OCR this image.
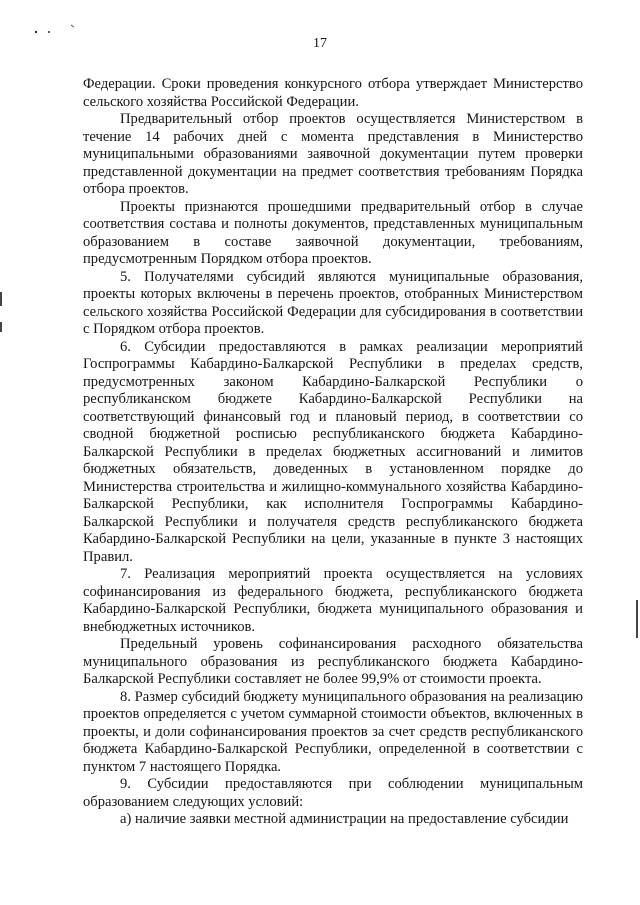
17

Федерации. Сроки проведения конкурсного отбора утверждает Министерство сельского хозяйства Российской Федерации.

Предварительный отбор проектов осуществляется Министерством в течение 14 рабочих дней с момента представления в Министерство муниципальными образованиями заявочной документации путем проверки представленной документации на предмет соответствия требованиям Порядка отбора проектов.

Проекты признаются прошедшими предварительный отбор в случае соответствия состава и полноты документов, представленных муниципальным образованием в составе заявочной документации, требованиям, предусмотренным Порядком отбора проектов.

5. Получателями субсидий являются муниципальные образования, проекты которых включены в перечень проектов, отобранных Министерством сельского хозяйства Российской Федерации для субсидирования в соответствии с Порядком отбора проектов.

6. Субсидии предоставляются в рамках реализации мероприятий Госпрограммы Кабардино-Балкарской Республики в пределах средств, предусмотренных законом Кабардино-Балкарской Республики о республиканском бюджете Кабардино-Балкарской Республики на соответствующий финансовый год и плановый период, в соответствии со сводной бюджетной росписью республиканского бюджета Кабардино-Балкарской Республики в пределах бюджетных ассигнований и лимитов бюджетных обязательств, доведенных в установленном порядке до Министерства строительства и жилищно-коммунального хозяйства Кабардино-Балкарской Республики, как исполнителя Госпрограммы Кабардино-Балкарской Республики и получателя средств республиканского бюджета Кабардино-Балкарской Республики на цели, указанные в пункте 3 настоящих Правил.

7. Реализация мероприятий проекта осуществляется на условиях софинансирования из федерального бюджета, республиканского бюджета Кабардино-Балкарской Республики, бюджета муниципального образования и внебюджетных источников.

Предельный уровень софинансирования расходного обязательства муниципального образования из республиканского бюджета Кабардино-Балкарской Республики составляет не более 99,9% от стоимости проекта.

8. Размер субсидий бюджету муниципального образования на реализацию проектов определяется с учетом суммарной стоимости объектов, включенных в проекты, и доли софинансирования проектов за счет средств республиканского бюджета Кабардино-Балкарской Республики, определенной в соответствии с пунктом 7 настоящего Порядка.

9. Субсидии предоставляются при соблюдении муниципальным образованием следующих условий:

а) наличие заявки местной администрации на предоставление субсидии
